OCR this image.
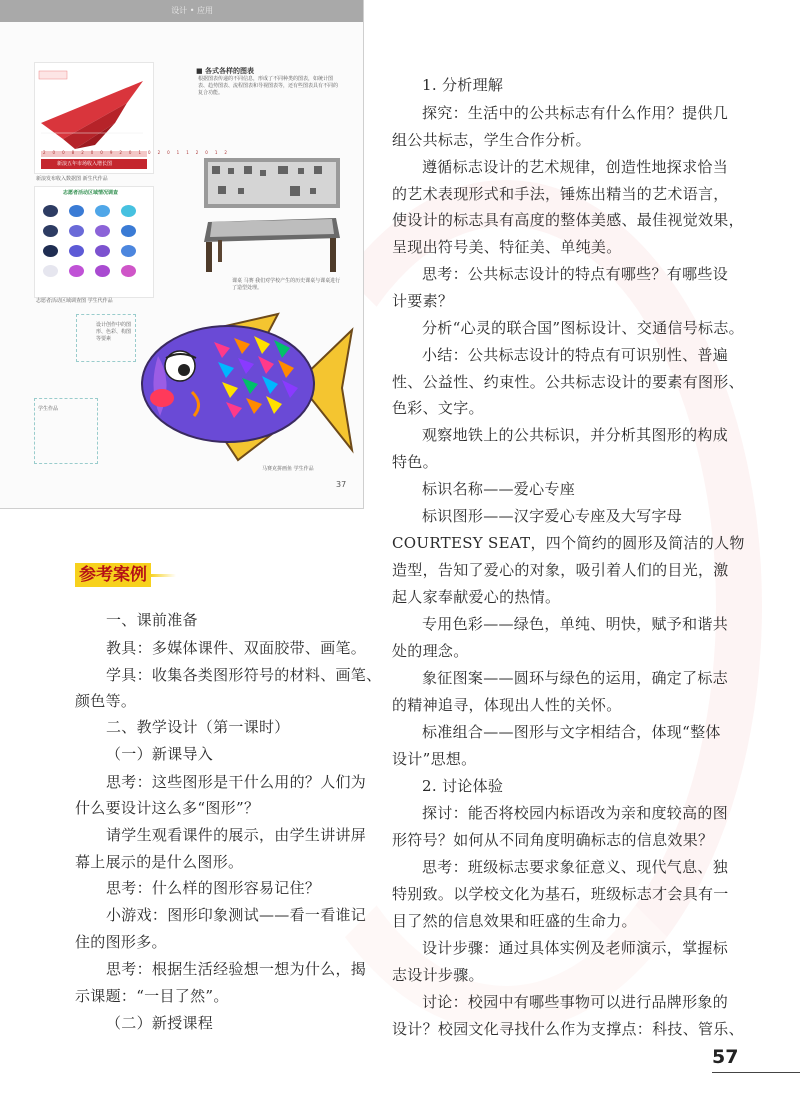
设计 • 应用
20082009201020112012
新浪五年市场收入增长图
新浪发布收入数据图 新生代作品
志愿者活动区域情况调查
志愿者活动区域调查图 学生代作品
■ 各式各样的图表
根据图表传递的不同信息，形成了不同种类的图表，如统计图表、趋势图表、流程图表和导视图表等，还有些图表具有不同的复合功能。
课桌 马赛 我们对学校产生的历史课桌与课桌进行了造型处理。
设计创作中的图形、色彩、构图等要素
学生作品
马赛克拼画鱼 学生作品
37
参考案例
一、课前准备
教具：多媒体课件、双面胶带、画笔。
学具：收集各类图形符号的材料、画笔、
颜色等。
二、教学设计（第一课时）
（一）新课导入
思考：这些图形是干什么用的？人们为
什么要设计这么多“图形”？
请学生观看课件的展示，由学生讲讲屏
幕上展示的是什么图形。
思考：什么样的图形容易记住？
小游戏：图形印象测试——看一看谁记
住的图形多。
思考：根据生活经验想一想为什么，揭
示课题：“一目了然”。
（二）新授课程
1. 分析理解
探究：生活中的公共标志有什么作用？提供几
组公共标志，学生合作分析。
遵循标志设计的艺术规律，创造性地探求恰当
的艺术表现形式和手法，锤炼出精当的艺术语言，
使设计的标志具有高度的整体美感、最佳视觉效果，
呈现出符号美、特征美、单纯美。
思考：公共标志设计的特点有哪些？有哪些设
计要素？
分析“心灵的联合国”图标设计、交通信号标志。
小结：公共标志设计的特点有可识别性、普遍
性、公益性、约束性。公共标志设计的要素有图形、
色彩、文字。
观察地铁上的公共标识，并分析其图形的构成
特色。
标识名称——爱心专座
标识图形——汉字爱心专座及大写字母
COURTESY SEAT，四个简约的圆形及简洁的人物
造型，告知了爱心的对象，吸引着人们的目光，激
起人家奉献爱心的热情。
专用色彩——绿色，单纯、明快，赋予和谐共
处的理念。
象征图案——圆环与绿色的运用，确定了标志
的精神追寻，体现出人性的关怀。
标准组合——图形与文字相结合，体现“整体
设计”思想。
2. 讨论体验
探讨：能否将校园内标语改为亲和度较高的图
形符号？如何从不同角度明确标志的信息效果？
思考：班级标志要求象征意义、现代气息、独
特别致。以学校文化为基石，班级标志才会具有一
目了然的信息效果和旺盛的生命力。
设计步骤：通过具体实例及老师演示，掌握标
志设计步骤。
讨论：校园中有哪些事物可以进行品牌形象的
设计？校园文化寻找什么作为支撑点：科技、管乐、
57
